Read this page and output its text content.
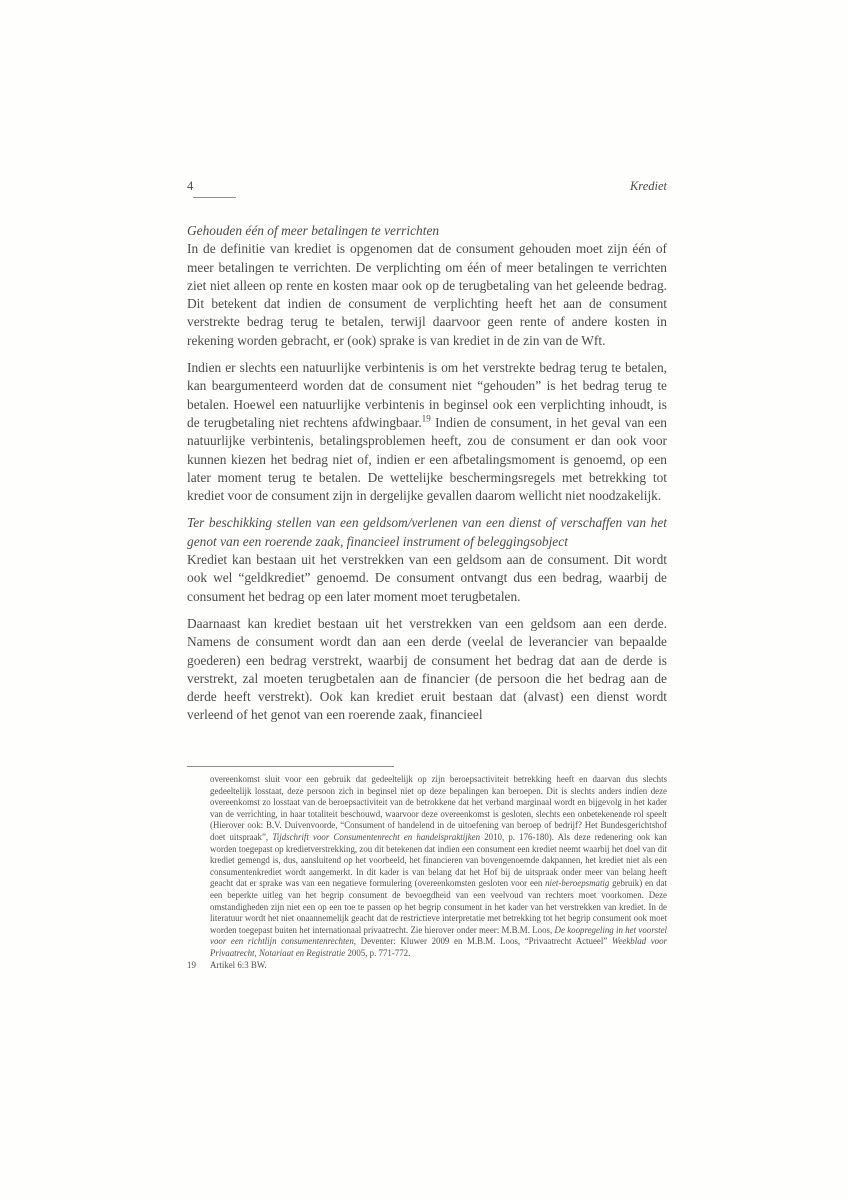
4	Krediet

Gehouden één of meer betalingen te verrichten

In de definitie van krediet is opgenomen dat de consument gehouden moet zijn één of meer betalingen te verrichten. De verplichting om één of meer betalingen te verrichten ziet niet alleen op rente en kosten maar ook op de terugbetaling van het geleende bedrag. Dit betekent dat indien de consument de verplichting heeft het aan de consument verstrekte bedrag terug te betalen, terwijl daarvoor geen rente of andere kosten in rekening worden gebracht, er (ook) sprake is van krediet in de zin van de Wft.

Indien er slechts een natuurlijke verbintenis is om het verstrekte bedrag terug te betalen, kan beargumenteerd worden dat de consument niet “gehouden” is het bedrag terug te betalen. Hoewel een natuurlijke verbintenis in beginsel ook een verplichting inhoudt, is de terugbetaling niet rechtens afdwingbaar.$^{19}$ Indien de consument, in het geval van een natuurlijke verbintenis, betalingsproblemen heeft, zou de consument er dan ook voor kunnen kiezen het bedrag niet of, indien er een afbetalingsmoment is genoemd, op een later moment terug te betalen. De wettelijke beschermingsregels met betrekking tot krediet voor de consument zijn in dergelijke gevallen daarom wellicht niet noodzakelijk.

Ter beschikking stellen van een geldsom/verlenen van een dienst of verschaffen van het genot van een roerende zaak, financieel instrument of beleggingsobject

Krediet kan bestaan uit het verstrekken van een geldsom aan de consument. Dit wordt ook wel “geldkrediet” genoemd. De consument ontvangt dus een bedrag, waarbij de consument het bedrag op een later moment moet terugbetalen.

Daarnaast kan krediet bestaan uit het verstrekken van een geldsom aan een derde. Namens de consument wordt dan aan een derde (veelal de leverancier van bepaalde goederen) een bedrag verstrekt, waarbij de consument het bedrag dat aan de derde is verstrekt, zal moeten terugbetalen aan de financier (de persoon die het bedrag aan de derde heeft verstrekt). Ook kan krediet eruit bestaan dat (alvast) een dienst wordt verleend of het genot van een roerende zaak, financieel

overeenkomst sluit voor een gebruik dat gedeeltelijk op zijn beroepsactiviteit betrekking heeft en daarvan dus slechts gedeeltelijk losstaat, deze persoon zich in beginsel niet op deze bepalingen kan beroepen. Dit is slechts anders indien deze overeenkomst zo losstaat van de beroepsactiviteit van de betrokkene dat het verband marginaal wordt en bijgevolg in het kader van de verrichting, in haar totaliteit beschouwd, waarvoor deze overeenkomst is gesloten, slechts een onbetekenende rol speelt (Hierover ook: B.V. Duivenvoorde, “Consument of handelend in de uitoefening van beroep of bedrijf? Het Bundesgerichtshof doet uitspraak”, Tijdschrift voor Consumentenrecht en handelspraktijken 2010, p. 176-180). Als deze redenering ook kan worden toegepast op kredietverstrekking, zou dit betekenen dat indien een consument een krediet neemt waarbij het doel van dit krediet gemengd is, dus, aansluitend op het voorbeeld, het financieren van bovengenoemde dakpannen, het krediet niet als een consumentenkrediet wordt aangemerkt. In dit kader is van belang dat het Hof bij de uitspraak onder meer van belang heeft geacht dat er sprake was van een negatieve formulering (overeenkomsten gesloten voor een niet-beroepsmatig gebruik) en dat een beperkte uitleg van het begrip consument de bevoegdheid van een veelvoud van rechters moet voorkomen. Deze omstandigheden zijn niet een op een toe te passen op het begrip consument in het kader van het verstrekken van krediet. In de literatuur wordt het niet onaannemelijk geacht dat de restrictieve interpretatie met betrekking tot het begrip consument ook moet worden toegepast buiten het internationaal privaatrecht. Zie hierover onder meer: M.B.M. Loos, De koopregeling in het voorstel voor een richtlijn consumentenrechten, Deventer: Kluwer 2009 en M.B.M. Loos, “Privaatrecht Actueel” Weekblad voor Privaatrecht, Notariaat en Registratie 2005, p. 771-772.

19	Artikel 6:3 BW.
